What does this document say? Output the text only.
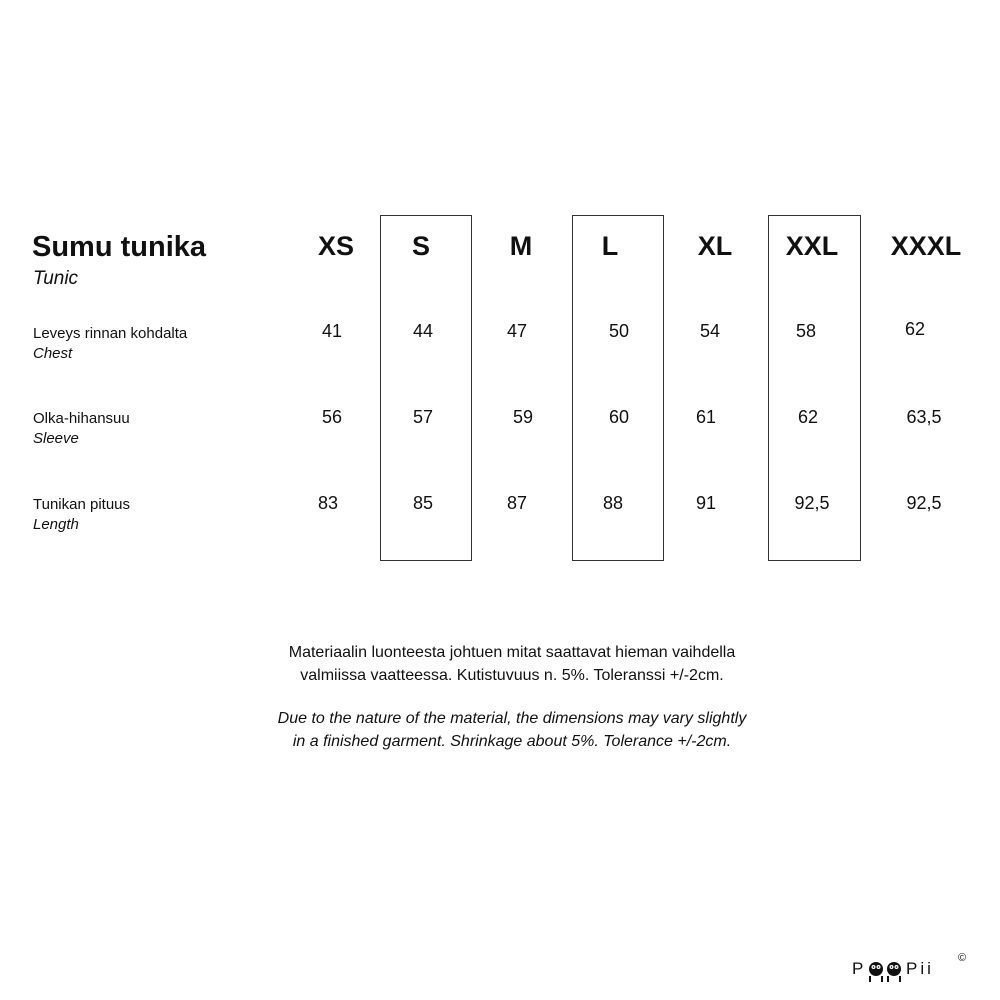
Sumu tunika
Tunic
XS	S	M	L	XL	XXL	XXXL
Leveys rinnan kohdalta
Chest
41	44	47	50	54	58	62
Olka-hihansuu
Sleeve
56	57	59	60	61	62	63,5
Tunikan pituus
Length
83	85	87	88	91	92,5	92,5
Materiaalin luonteesta johtuen mitat saattavat hieman vaihdella
valmiissa vaatteessa. Kutistuvuus n. 5%. Toleranssi +/-2cm.
Due to the nature of the material, the dimensions may vary slightly
in a finished garment. Shrinkage about 5%. Tolerance +/-2cm.
P	Pii
©
